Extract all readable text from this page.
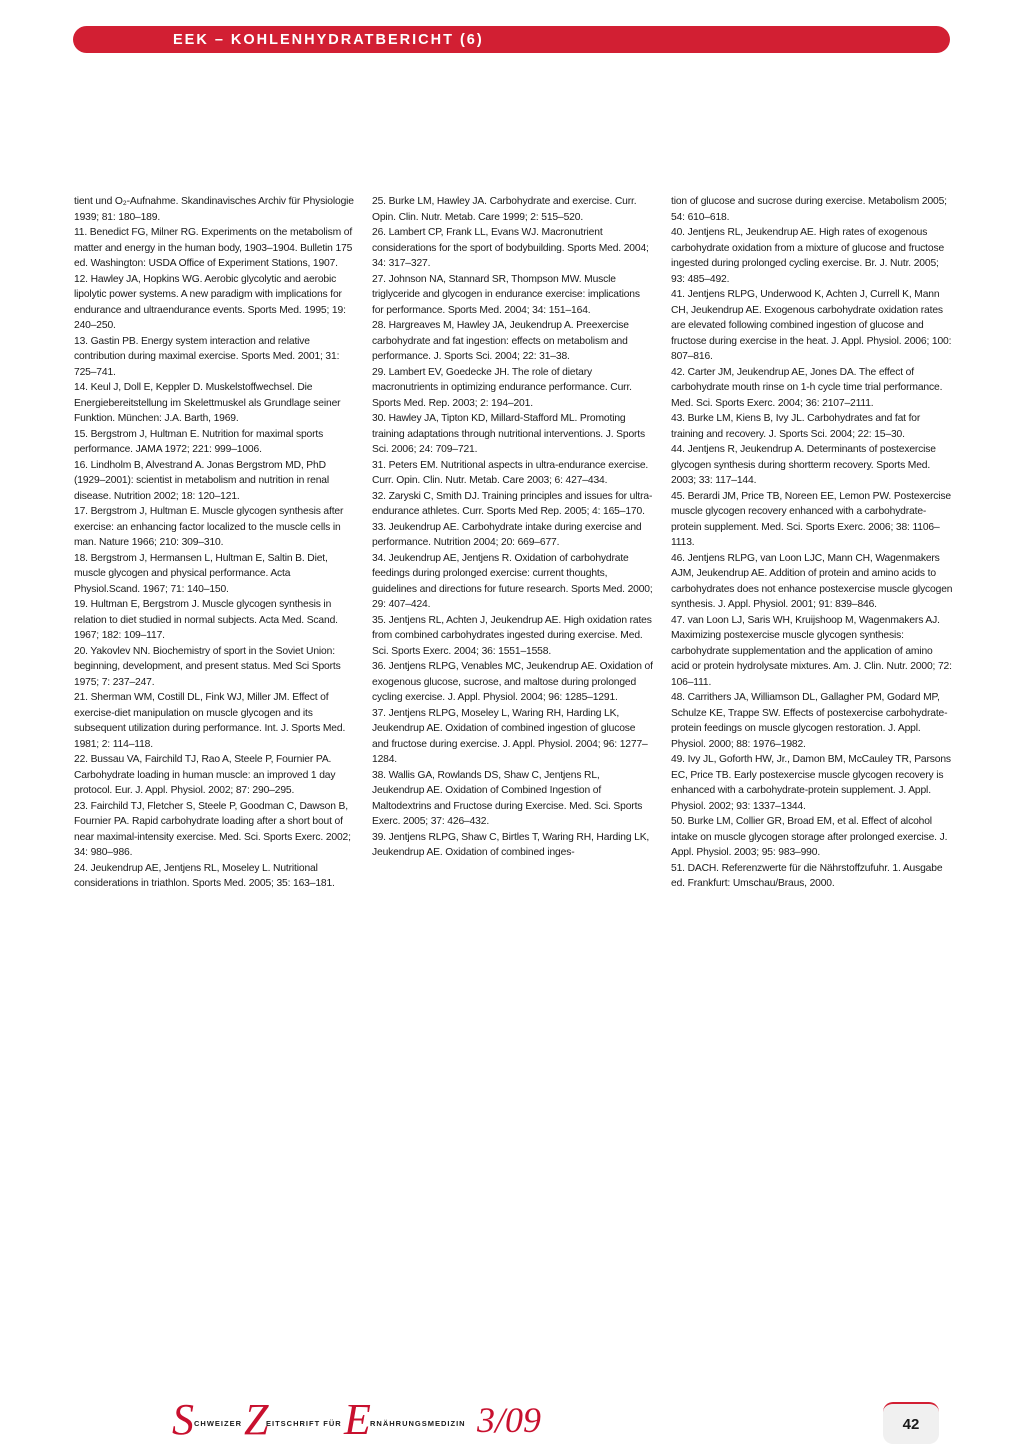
EEK – KOHLENHYDRATBERICHT (6)

tient und O₂-Aufnahme. Skandinavisches Archiv für Physiologie 1939; 81: 180–189.

11. Benedict FG, Milner RG. Experiments on the metabolism of matter and energy in the human body, 1903–1904. Bulletin 175 ed. Washington: USDA Office of Experiment Stations, 1907.

12. Hawley JA, Hopkins WG. Aerobic glycolytic and aerobic lipolytic power systems. A new paradigm with implications for endurance and ultraendurance events. Sports Med. 1995; 19: 240–250.

13. Gastin PB. Energy system interaction and relative contribution during maximal exercise. Sports Med. 2001; 31: 725–741.

14. Keul J, Doll E, Keppler D. Muskelstoffwechsel. Die Energiebereitstellung im Skelettmuskel als Grundlage seiner Funktion. München: J.A. Barth, 1969.

15. Bergstrom J, Hultman E. Nutrition for maximal sports performance. JAMA 1972; 221: 999–1006.

16. Lindholm B, Alvestrand A. Jonas Bergstrom MD, PhD (1929–2001): scientist in metabolism and nutrition in renal disease. Nutrition 2002; 18: 120–121.

17. Bergstrom J, Hultman E. Muscle glycogen synthesis after exercise: an enhancing factor localized to the muscle cells in man. Nature 1966; 210: 309–310.

18. Bergstrom J, Hermansen L, Hultman E, Saltin B. Diet, muscle glycogen and physical performance. Acta Physiol.Scand. 1967; 71: 140–150.

19. Hultman E, Bergstrom J. Muscle glycogen synthesis in relation to diet studied in normal subjects. Acta Med. Scand. 1967; 182: 109–117.

20. Yakovlev NN. Biochemistry of sport in the Soviet Union: beginning, development, and present status. Med Sci Sports 1975; 7: 237–247.

21. Sherman WM, Costill DL, Fink WJ, Miller JM. Effect of exercise-diet manipulation on muscle glycogen and its subsequent utilization during performance. Int. J. Sports Med. 1981; 2: 114–118.

22. Bussau VA, Fairchild TJ, Rao A, Steele P, Fournier PA. Carbohydrate loading in human muscle: an improved 1 day protocol. Eur. J. Appl. Physiol. 2002; 87: 290–295.

23. Fairchild TJ, Fletcher S, Steele P, Goodman C, Dawson B, Fournier PA. Rapid carbohydrate loading after a short bout of near maximal-intensity exercise. Med. Sci. Sports Exerc. 2002; 34: 980–986.

24. Jeukendrup AE, Jentjens RL, Moseley L. Nutritional considerations in triathlon. Sports Med. 2005; 35: 163–181.

25. Burke LM, Hawley JA. Carbohydrate and exercise. Curr. Opin. Clin. Nutr. Metab. Care 1999; 2: 515–520.

26. Lambert CP, Frank LL, Evans WJ. Macronutrient considerations for the sport of bodybuilding. Sports Med. 2004; 34: 317–327.

27. Johnson NA, Stannard SR, Thompson MW. Muscle triglyceride and glycogen in endurance exercise: implications for performance. Sports Med. 2004; 34: 151–164.

28. Hargreaves M, Hawley JA, Jeukendrup A. Preexercise carbohydrate and fat ingestion: effects on metabolism and performance. J. Sports Sci. 2004; 22: 31–38.

29. Lambert EV, Goedecke JH. The role of dietary macronutrients in optimizing endurance performance. Curr. Sports Med. Rep. 2003; 2: 194–201.

30. Hawley JA, Tipton KD, Millard-Stafford ML. Promoting training adaptations through nutritional interventions. J. Sports Sci. 2006; 24: 709–721.

31. Peters EM. Nutritional aspects in ultra-endurance exercise. Curr. Opin. Clin. Nutr. Metab. Care 2003; 6: 427–434.

32. Zaryski C, Smith DJ. Training principles and issues for ultra-endurance athletes. Curr. Sports Med Rep. 2005; 4: 165–170.

33. Jeukendrup AE. Carbohydrate intake during exercise and performance. Nutrition 2004; 20: 669–677.

34. Jeukendrup AE, Jentjens R. Oxidation of carbohydrate feedings during prolonged exercise: current thoughts, guidelines and directions for future research. Sports Med. 2000; 29: 407–424.

35. Jentjens RL, Achten J, Jeukendrup AE. High oxidation rates from combined carbohydrates ingested during exercise. Med. Sci. Sports Exerc. 2004; 36: 1551–1558.

36. Jentjens RLPG, Venables MC, Jeukendrup AE. Oxidation of exogenous glucose, sucrose, and maltose during prolonged cycling exercise. J. Appl. Physiol. 2004; 96: 1285–1291.

37. Jentjens RLPG, Moseley L, Waring RH, Harding LK, Jeukendrup AE. Oxidation of combined ingestion of glucose and fructose during exercise. J. Appl. Physiol. 2004; 96: 1277–1284.

38. Wallis GA, Rowlands DS, Shaw C, Jentjens RL, Jeukendrup AE. Oxidation of Combined Ingestion of Maltodextrins and Fructose during Exercise. Med. Sci. Sports Exerc. 2005; 37: 426–432.

39. Jentjens RLPG, Shaw C, Birtles T, Waring RH, Harding LK, Jeukendrup AE. Oxidation of combined inges-

tion of glucose and sucrose during exercise. Metabolism 2005; 54: 610–618.

40. Jentjens RL, Jeukendrup AE. High rates of exogenous carbohydrate oxidation from a mixture of glucose and fructose ingested during prolonged cycling exercise. Br. J. Nutr. 2005; 93: 485–492.

41. Jentjens RLPG, Underwood K, Achten J, Currell K, Mann CH, Jeukendrup AE. Exogenous carbohydrate oxidation rates are elevated following combined ingestion of glucose and fructose during exercise in the heat. J. Appl. Physiol. 2006; 100: 807–816.

42. Carter JM, Jeukendrup AE, Jones DA. The effect of carbohydrate mouth rinse on 1-h cycle time trial performance. Med. Sci. Sports Exerc. 2004; 36: 2107–2111.

43. Burke LM, Kiens B, Ivy JL. Carbohydrates and fat for training and recovery. J. Sports Sci. 2004; 22: 15–30.

44. Jentjens R, Jeukendrup A. Determinants of postexercise glycogen synthesis during shortterm recovery. Sports Med. 2003; 33: 117–144.

45. Berardi JM, Price TB, Noreen EE, Lemon PW. Postexercise muscle glycogen recovery enhanced with a carbohydrate-protein supplement. Med. Sci. Sports Exerc. 2006; 38: 1106–1113.

46. Jentjens RLPG, van Loon LJC, Mann CH, Wagenmakers AJM, Jeukendrup AE. Addition of protein and amino acids to carbohydrates does not enhance postexercise muscle glycogen synthesis. J. Appl. Physiol. 2001; 91: 839–846.

47. van Loon LJ, Saris WH, Kruijshoop M, Wagenmakers AJ. Maximizing postexercise muscle glycogen synthesis: carbohydrate supplementation and the application of amino acid or protein hydrolysate mixtures. Am. J. Clin. Nutr. 2000; 72: 106–111.

48. Carrithers JA, Williamson DL, Gallagher PM, Godard MP, Schulze KE, Trappe SW. Effects of postexercise carbohydrate-protein feedings on muscle glycogen restoration. J. Appl. Physiol. 2000; 88: 1976–1982.

49. Ivy JL, Goforth HW, Jr., Damon BM, McCauley TR, Parsons EC, Price TB. Early postexercise muscle glycogen recovery is enhanced with a carbohydrate-protein supplement. J. Appl. Physiol. 2002; 93: 1337–1344.

50. Burke LM, Collier GR, Broad EM, et al. Effect of alcohol intake on muscle glycogen storage after prolonged exercise. J. Appl. Physiol. 2003; 95: 983–990.

51. DACH. Referenzwerte für die Nährstoffzufuhr. 1. Ausgabe ed. Frankfurt: Umschau/Braus, 2000.

S CHWEIZER Z
EITSCHRIFT FÜR E RNÄHRUNGSMEDIZIN 3/09	42
